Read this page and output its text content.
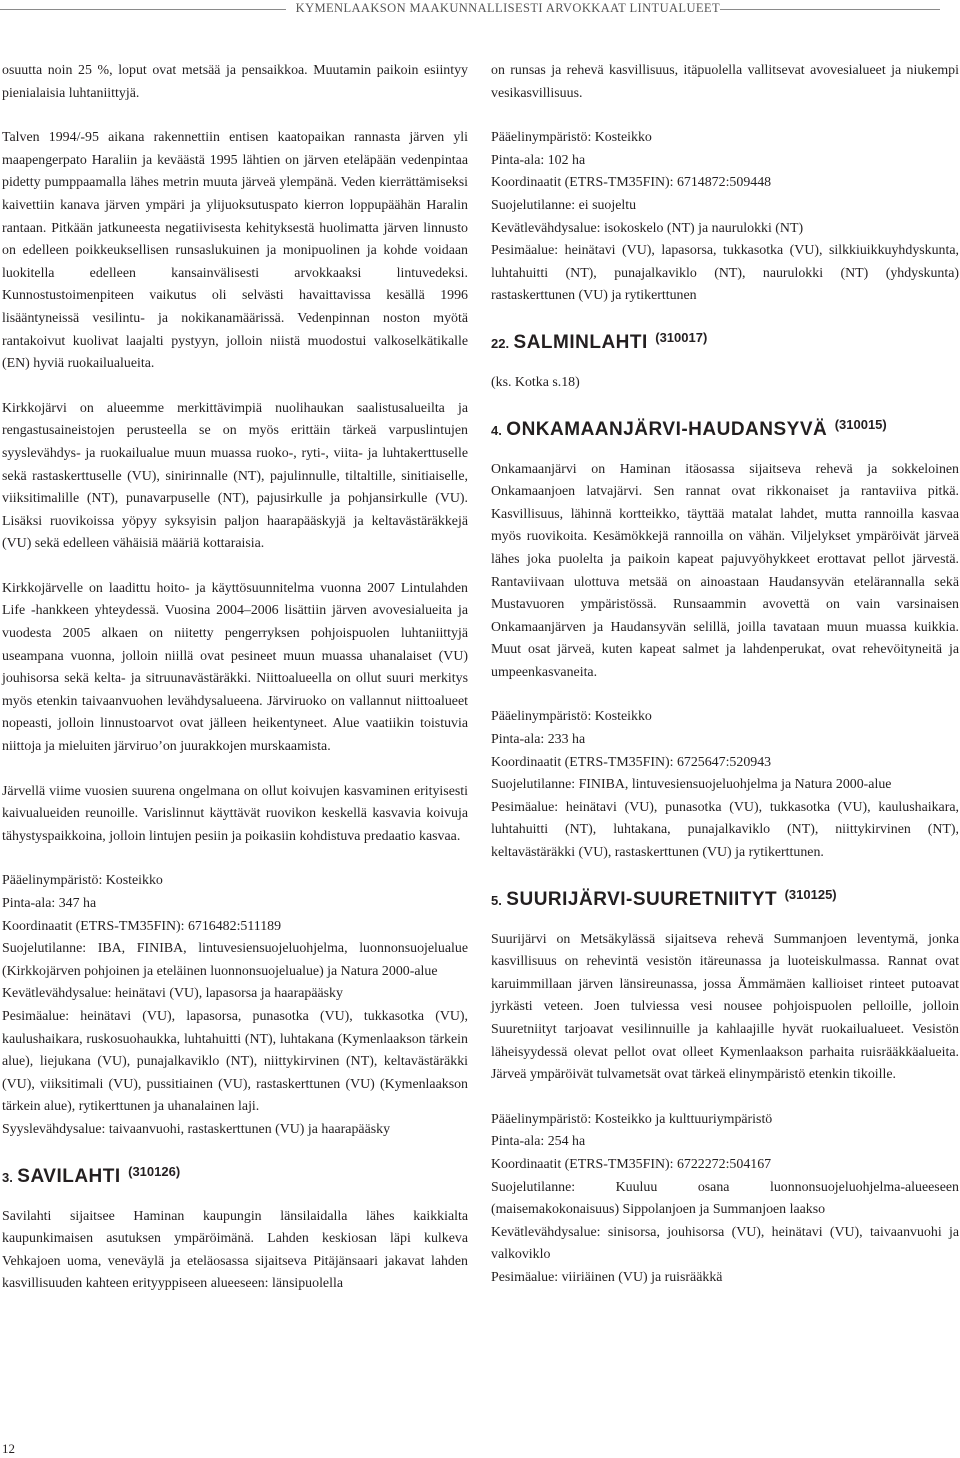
KYMENLAAKSON MAAKUNNALLISESTI ARVOKKAAT LINTUALUEET

osuutta noin 25 %, loput ovat metsää ja pensaikkoa. Muutamin paikoin esiintyy pienialaisia luhtaniittyjä.

Talven 1994/-95 aikana rakennettiin entisen kaatopaikan rannasta järven yli maapengerpato Haraliin ja keväästä 1995 lähtien on järven eteläpään vedenpintaa pidetty pumppaamalla lähes metrin muuta järveä ylempänä. Veden kierrättämiseksi kaivettiin kanava järven ympäri ja ylijuoksutuspato kierron loppupäähän Haralin rantaan. Pitkään jatkuneesta negatiivisesta kehityksestä huolimatta järven linnusto on edelleen poikkeuksellisen runsaslukuinen ja monipuolinen ja kohde voidaan luokitella edelleen kansainvälisesti arvokkaaksi lintuvedeksi. Kunnostustoimenpiteen vaikutus oli selvästi havaittavissa kesällä 1996 lisääntyneissä vesilintu- ja nokikanamäärissä. Vedenpinnan noston myötä rantakoivut kuolivat laajalti pystyyn, jolloin niistä muodostui valkoselkätikalle (EN) hyviä ruokailualueita.

Kirkkojärvi on alueemme merkittävimpiä nuolihaukan saalistusalueilta ja rengastusaineistojen perusteella se on myös erittäin tärkeä varpuslintujen syyslevähdys- ja ruokailualue muun muassa ruoko-, ryti-, viita- ja luhtakerttuselle sekä rastaskerttuselle (VU), sinirinnalle (NT), pajulinnulle, tiltaltille, sinitiaiselle, viiksitimalille (NT), punavarpuselle (NT), pajusirkulle ja pohjansirkulle (VU). Lisäksi ruovikoissa yöpyy syksyisin paljon haarapääskyjä ja keltavästäräkkejä (VU) sekä edelleen vähäisiä määriä kottaraisia.

Kirkkojärvelle on laadittu hoito- ja käyttösuunnitelma vuonna 2007 Lintulahden Life -hankkeen yhteydessä. Vuosina 2004–2006 lisättiin järven avovesialueita ja vuodesta 2005 alkaen on niitetty pengerryksen pohjoispuolen luhtaniittyjä useampana vuonna, jolloin niillä ovat pesineet muun muassa uhanalaiset (VU) jouhisorsa sekä kelta- ja sitruunavästäräkki. Niittoalueella on ollut suuri merkitys myös etenkin taivaanvuohen levähdysalueena. Järviruoko on vallannut niittoalueet nopeasti, jolloin linnustoarvot ovat jälleen heikentyneet. Alue vaatiikin toistuvia niittoja ja mieluiten järviruo’on juurakkojen murskaamista.

Järvellä viime vuosien suurena ongelmana on ollut koivujen kasvaminen erityisesti kaivualueiden reunoille. Varislinnut käyttävät ruovikon keskellä kasvavia koivuja tähystyspaikkoina, jolloin lintujen pesiin ja poikasiin kohdistuva predaatio kasvaa.

Pääelinympäristö: Kosteikko
Pinta-ala: 347 ha
Koordinaatit (ETRS-TM35FIN): 6716482:511189
Suojelutilanne: IBA, FINIBA, lintuvesiensuojeluohjelma, luonnonsuojelualue (Kirkkojärven pohjoinen ja eteläinen luonnonsuojelualue) ja Natura 2000-alue
Kevätlevähdysalue: heinätavi (VU), lapasorsa ja haarapääsky
Pesimäalue: heinätavi (VU), lapasorsa, punasotka (VU), tukkasotka (VU), kaulushaikara, ruskosuohaukka, luhtahuitti (NT), luhtakana (Kymenlaakson tärkein alue), liejukana (VU), punajalkaviklo (NT), niittykirvinen (NT), keltavästäräkki (VU), viiksitimali (VU), pussitiainen (VU), rastaskerttunen (VU) (Kymenlaakson tärkein alue), rytikerttunen ja uhanalainen laji.
Syyslevähdysalue: taivaanvuohi, rastaskerttunen (VU) ja haarapääsky
3. SAVILAHTI $^{(310126)}$

Savilahti sijaitsee Haminan kaupungin länsilaidalla lähes kaikkialta kaupunkimaisen asutuksen ympäröimänä. Lahden keskiosan läpi kulkeva Vehkajoen uoma, veneväylä ja eteläosassa sijaitseva Pitäjänsaari jakavat lahden kasvillisuuden kahteen erityyppiseen alueeseen: länsipuolella

on runsas ja rehevä kasvillisuus, itäpuolella vallitsevat avovesialueet ja niukempi vesikasvillisuus.

Pääelinympäristö: Kosteikko
Pinta-ala: 102 ha
Koordinaatit (ETRS-TM35FIN): 6714872:509448
Suojelutilanne: ei suojeltu
Kevätlevähdysalue: isokoskelo (NT) ja naurulokki (NT)
Pesimäalue: heinätavi (VU), lapasorsa, tukkasotka (VU), silkkiuikkuyhdyskunta, luhtahuitti (NT), punajalkaviklo (NT), naurulokki (NT) (yhdyskunta) rastaskerttunen (VU) ja rytikerttunen
22. SALMINLAHTI $^{(310017)}$

(ks. Kotka s.18)

4. ONKAMAANJÄRVI-HAUDANSYVÄ $^{(310015)}$

Onkamaanjärvi on Haminan itäosassa sijaitseva rehevä ja sokkeloinen Onkamaanjoen latvajärvi. Sen rannat ovat rikkonaiset ja rantaviiva pitkä. Kasvillisuus, lähinnä kortteikko, täyttää matalat lahdet, mutta rannoilla kasvaa myös ruovikoita. Kesämökkejä rannoilla on vähän. Viljelykset ympäröivät järveä lähes joka puolelta ja paikoin kapeat pajuvyöhykkeet erottavat pellot järvestä. Rantaviivaan ulottuva metsää on ainoastaan Haudansyvän etelärannalla sekä Mustavuoren ympäristössä. Runsaammin avovettä on vain varsinaisen Onkamaanjärven ja Haudansyvän selillä, joilla tavataan muun muassa kuikkia. Muut osat järveä, kuten kapeat salmet ja lahdenperukat, ovat rehevöityneitä ja umpeenkasvaneita.

Pääelinympäristö: Kosteikko
Pinta-ala: 233 ha
Koordinaatit (ETRS-TM35FIN): 6725647:520943
Suojelutilanne: FINIBA, lintuvesiensuojeluohjelma ja Natura 2000-alue
Pesimäalue: heinätavi (VU), punasotka (VU), tukkasotka (VU), kaulushaikara, luhtahuitti (NT), luhtakana, punajalkaviklo (NT), niittykirvinen (NT), keltavästäräkki (VU), rastaskerttunen (VU) ja rytikerttunen.
5. SUURIJÄRVI-SUURETNIITYT $^{(310125)}$

Suurijärvi on Metsäkylässä sijaitseva rehevä Summanjoen leventymä, jonka kasvillisuus on rehevintä vesistön itäreunassa ja luoteiskulmassa. Rannat ovat karuimmillaan järven länsireunassa, jossa Ämmämäen kallioiset rinteet putoavat jyrkästi veteen. Joen tulviessa vesi nousee pohjoispuolen pelloille, jolloin Suuretniityt tarjoavat vesilinnuille ja kahlaajille hyvät ruokailualueet. Vesistön läheisyydessä olevat pellot ovat olleet Kymenlaakson parhaita ruisrääkkäalueita. Järveä ympäröivät tulvametsät ovat tärkeä elinympäristö etenkin tikoille.

Pääelinympäristö: Kosteikko ja kulttuuriympäristö
Pinta-ala: 254 ha
Koordinaatit (ETRS-TM35FIN): 6722272:504167
Suojelutilanne: Kuuluu osana luonnonsuojeluohjelma-alueeseen (maisemakokonaisuus) Sippolanjoen ja Summanjoen laakso
Kevätlevähdysalue: sinisorsa, jouhisorsa (VU), heinätavi (VU), taivaanvuohi ja valkoviklo
Pesimäalue: viiriäinen (VU) ja ruisrääkkä
12
